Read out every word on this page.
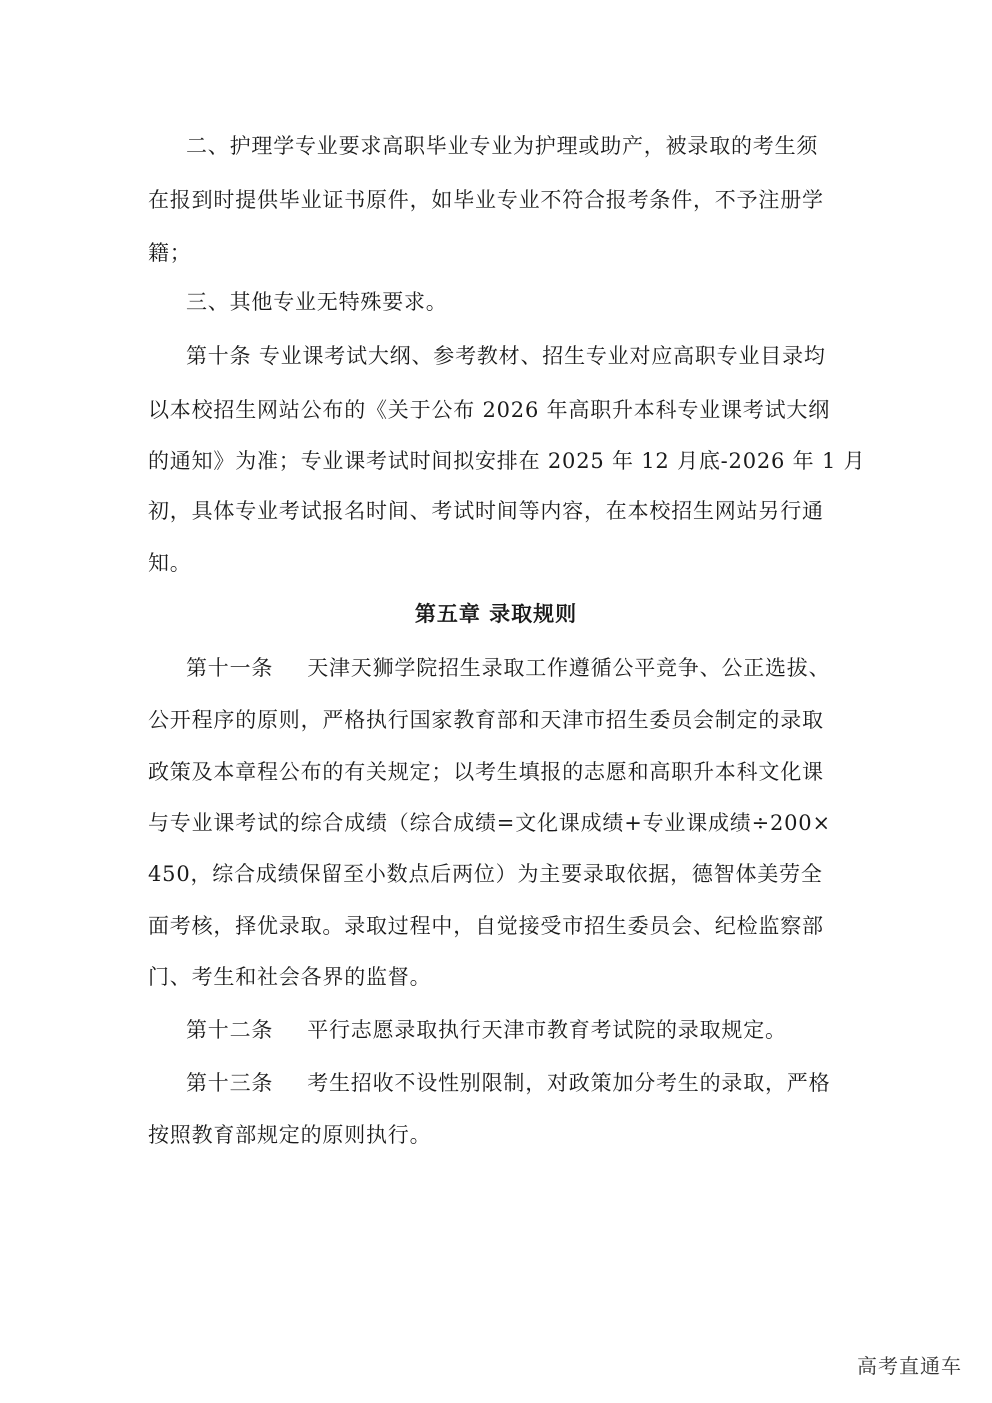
二、护理学专业要求高职毕业专业为护理或助产，被录取的考生须
在报到时提供毕业证书原件，如毕业专业不符合报考条件，不予注册学
籍；
三、其他专业无特殊要求。
第十条 专业课考试大纲、参考教材、招生专业对应高职专业目录均
以本校招生网站公布的《关于公布 2026 年高职升本科专业课考试大纲
的通知》为准；专业课考试时间拟安排在 2025 年 12 月底-2026 年 1 月
初，具体专业考试报名时间、考试时间等内容，在本校招生网站另行通
知。
第五章 录取规则
第十一条 天津天狮学院招生录取工作遵循公平竞争、公正选拔、
公开程序的原则，严格执行国家教育部和天津市招生委员会制定的录取
政策及本章程公布的有关规定；以考生填报的志愿和高职升本科文化课
与专业课考试的综合成绩（综合成绩=文化课成绩+专业课成绩÷200×
450，综合成绩保留至小数点后两位）为主要录取依据，德智体美劳全
面考核，择优录取。录取过程中，自觉接受市招生委员会、纪检监察部
门、考生和社会各界的监督。
第十二条 平行志愿录取执行天津市教育考试院的录取规定。
第十三条 考生招收不设性别限制，对政策加分考生的录取，严格
按照教育部规定的原则执行。
高考直通车
